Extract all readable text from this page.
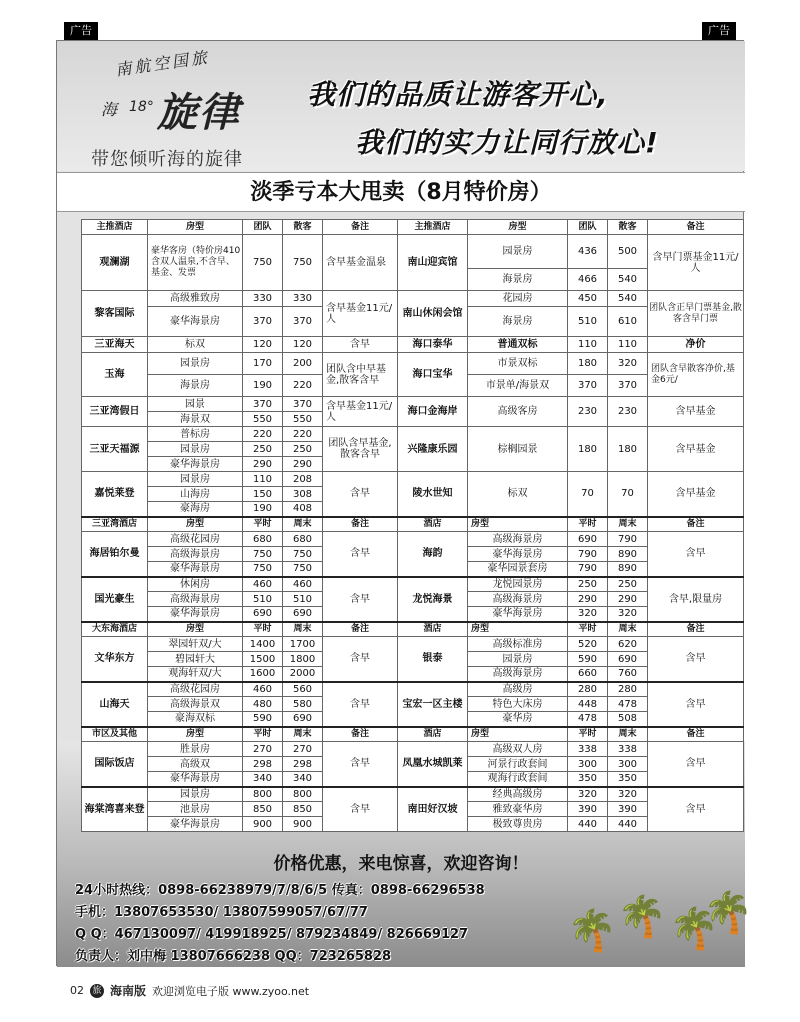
广告	广告
南航空国旅
海 18° 旋律
带您倾听海的旋律
我们的品质让游客开心,
我们的实力让同行放心!
淡季亏本大甩卖（8月特价房）
主推酒店	房型	团队	散客	备注	主推酒店	房型	团队	散客	备注
观澜湖	豪华客房（特价房410含双人温泉,不含早、基金、发票	750	750	含早基金温泉	南山迎宾馆	园景房	436	500	含早门票基金11元/人
						海景房	466	540	
黎客国际	高级雅致房	330	330	含早基金11元/人	南山休闲会馆	花园房	450	540	团队含正早门票基金,散客含早门票
	豪华海景房	370	370			海景房	510	610	
三亚海天	标双	120	120	含早	海口泰华	普通双标	110	110	净价
玉海	园景房	170	200	团队含中早基金,散客含早	海口宝华	市景双标	180	320	团队含早散客净价,基金6元/
	海景房	190	220			市景单/海景双	370	370	
三亚湾假日	园景	370	370	含早基金11元/人	海口金海岸	高级客房	230	230	含早基金
	海景双	550	550						
三亚天福源	普标房	220	220	团队含早基金,散客含早	兴隆康乐园	棕榈园景	180	180	含早基金
	园景房	250	250						
	豪华海景房	290	290						
嘉悦莱登	园景房	110	208	含早	陵水世知	标双	70	70	含早基金
	山海房	150	308						
	豪海房	190	408						
三亚湾酒店	房型	平时	周末	备注	酒店	房型	平时	周末	备注
海居铂尔曼	高级花园房	680	680	含早	海韵	高级海景房	690	790	含早
	高级海景房	750	750			豪华海景房	790	890	
	豪华海景房	750	750			豪华园景套房	790	890	
国光豪生	休闲房	460	460	含早	龙悦海景	龙悦园景房	250	250	含早,限量房
	高级海景房	510	510			高级海景房	290	290	
	豪华海景房	690	690			豪华海景房	320	320	
大东海酒店	房型	平时	周末	备注	酒店	房型	平时	周末	备注
文华东方	翠园轩双/大	1400	1700	含早	银泰	高级标准房	520	620	含早
	碧园轩大	1500	1800			园景房	590	690	
	观海轩双/大	1600	2000			高级海景房	660	760	
山海天	高级花园房	460	560	含早	宝宏一区主楼	高级房	280	280	含早
	高级海景双	480	580			特色大床房	448	478	
	豪海双标	590	690			豪华房	478	508	
市区及其他	房型	平时	周末	备注	酒店	房型	平时	周末	备注
国际饭店	胜景房	270	270	含早	凤凰水城凯莱	高级双人房	338	338	含早
	高级双	298	298			河景行政套间	300	300	
	豪华海景房	340	340			观海行政套间	350	350	
海棠湾喜来登	园景房	800	800	含早	南田好汉坡	经典高级房	320	320	含早
	池景房	850	850			雅致豪华房	390	390	
	豪华海景房	900	900			极致尊贵房	440	440	
价格优惠，来电惊喜，欢迎咨询！
24小时热线：0898-66238979/7/8/6/5 传真：0898-66296538
手机：13807653530/ 13807599057/67/77
Q Q：467130097/ 419918925/ 879234849/ 826669127
负责人：刘中梅 13807666238 QQ：723265828
🌴 🌴 🌴
🌴
02 旅 海南版 欢迎浏览电子版 www.zyoo.net
